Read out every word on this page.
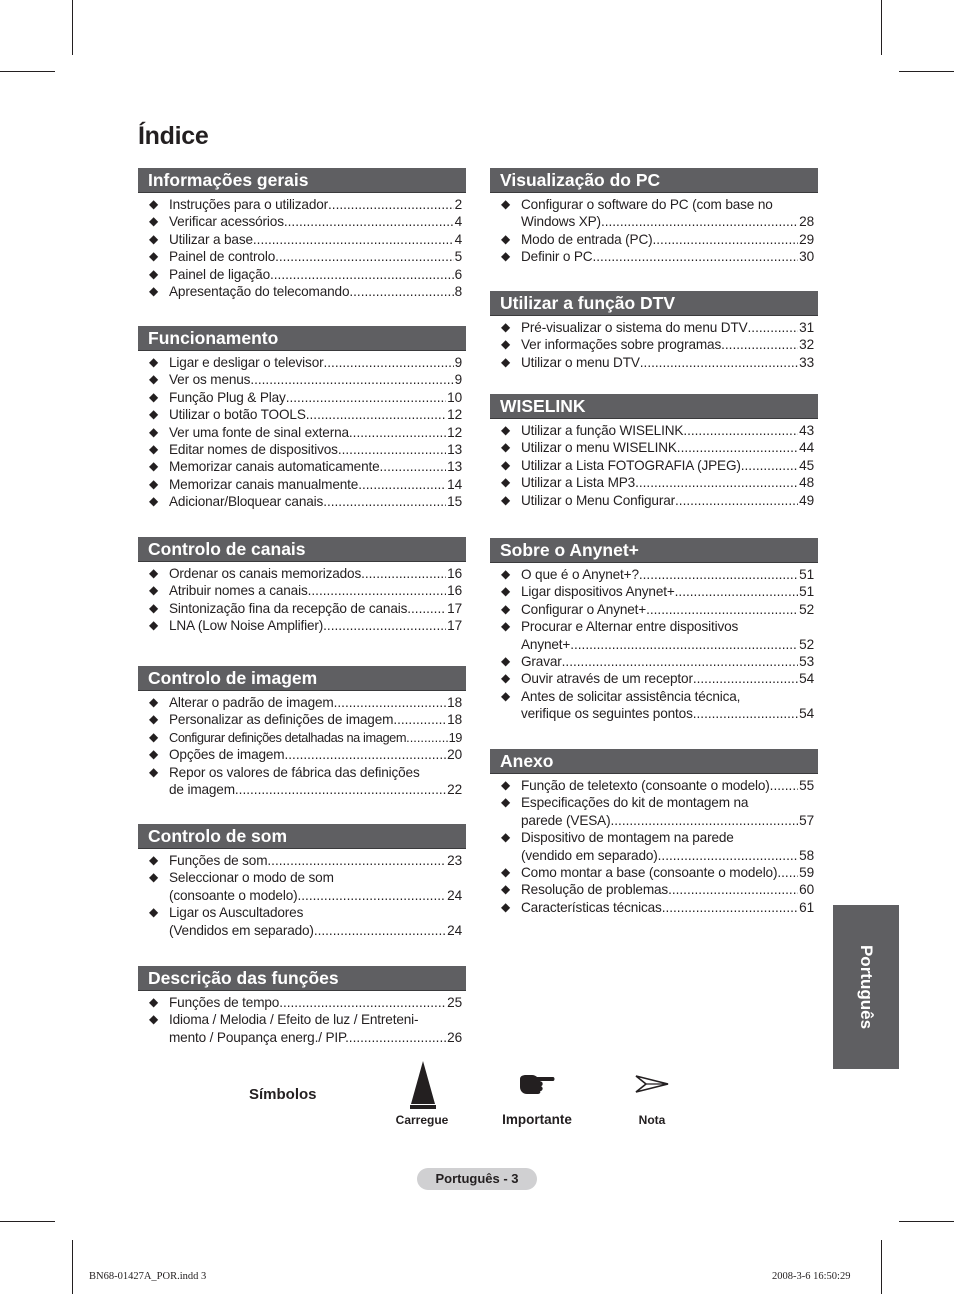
Índice
Informações gerais
◆ Instruções para o utilizador .....	2
◆ Verificar acessórios .....	4
◆ Utilizar a base .....	4
◆ Painel de controlo .....	5
◆ Painel de ligação .....	6
◆ Apresentação do telecomando .....	8
Funcionamento
◆ Ligar e desligar o televisor .....	9
◆ Ver os menus .....	9
◆ Função Plug & Play .....	10
◆ Utilizar o botão TOOLS .....	12
◆ Ver uma fonte de sinal externa .....	12
◆ Editar nomes de dispositivos .....	13
◆ Memorizar canais automaticamente .....	13
◆ Memorizar canais manualmente .....	14
◆ Adicionar/Bloquear canais .....	15
Controlo de canais
◆ Ordenar os canais memorizados .....	16
◆ Atribuir nomes a canais .....	16
◆ Sintonização fina da recepção de canais .....	17
◆ LNA (Low Noise Amplifier) .....	17
Controlo de imagem
◆ Alterar o padrão de imagem .....	18
◆ Personalizar as definições de imagem .....	18
◆ Configurar definições detalhadas na imagem .....	19
◆ Opções de imagem .....	20
◆ Repor os valores de fábrica das definições
de imagem .....	22
Controlo de som
◆ Funções de som .....	23
◆ Seleccionar o modo de som
(consoante o modelo) .....	24
◆ Ligar os Auscultadores
(Vendidos em separado) .....	24
Descrição das funções
◆ Funções de tempo .....	25
◆ Idioma / Melodia / Efeito de luz / Entreteni-
mento / Poupança energ./ PIP. .....	26
Visualização do PC
◆ Configurar o software do PC (com base no
Windows XP) .....	28
◆ Modo de entrada (PC) .....	29
◆ Definir o PC .....	30
Utilizar a função DTV
◆ Pré-visualizar o sistema do menu DTV .....	31
◆ Ver informações sobre programas .....	32
◆ Utilizar o menu DTV .....	33
WISELINK
◆ Utilizar a função WISELINK .....	43
◆ Utilizar o menu WISELINK .....	44
◆ Utilizar a Lista FOTOGRAFIA (JPEG) .....	45
◆ Utilizar a Lista MP3 .....	48
◆ Utilizar o Menu Configurar .....	49
Sobre o Anynet+
◆ O que é o Anynet+? .....	51
◆ Ligar dispositivos Anynet+ .....	51
◆ Configurar o Anynet+ .....	52
◆ Procurar e Alternar entre dispositivos
Anynet+ .....	52
◆ Gravar .....	53
◆ Ouvir através de um receptor .....	54
◆ Antes de solicitar assistência técnica,
verifique os seguintes pontos .....	54
Anexo
◆ Função de teletexto (consoante o modelo) ..... 55
◆ Especificações do kit de montagem na
parede (VESA) .....	57
◆ Dispositivo de montagem na parede
(vendido em separado) .....	58
◆ Como montar a base (consoante o modelo) ..... 59
◆ Resolução de problemas .....	60
◆ Características técnicas .....	61
Símbolos
Carregue	Importante	Nota
Português
Português - 3
BN68-01427A_POR.indd 3	2008-3-6 16:50:29
